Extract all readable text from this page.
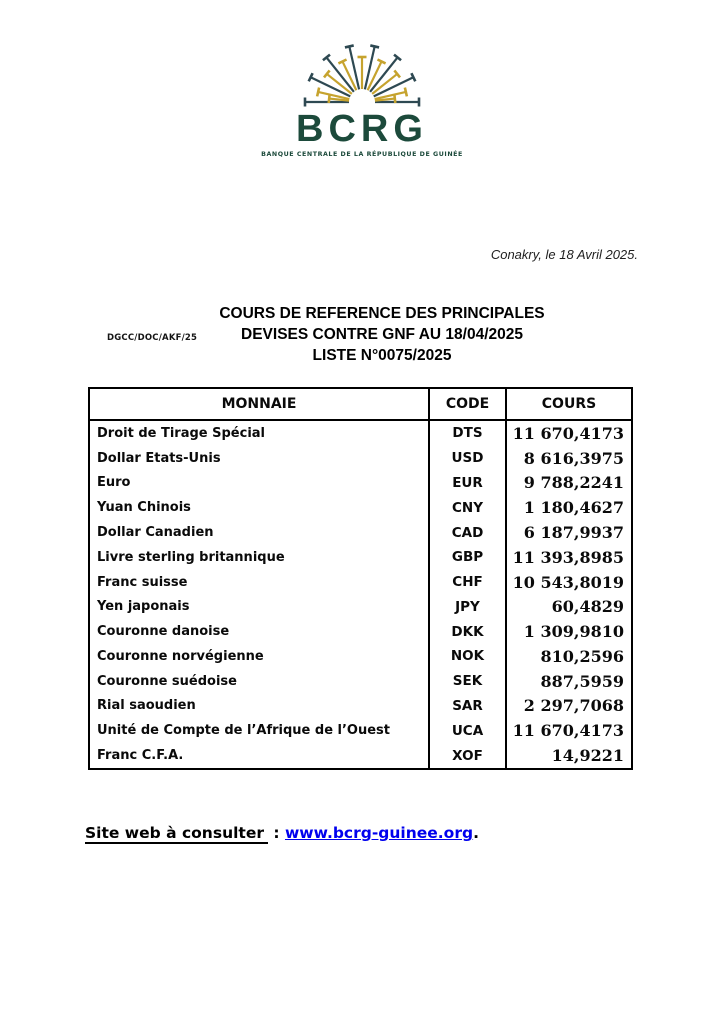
BCRG
BANQUE CENTRALE DE LA RÉPUBLIQUE DE GUINÉE
Conakry, le 18 Avril 2025.
DGCC/DOC/AKF/25
COURS DE REFERENCE DES PRINCIPALES
DEVISES CONTRE GNF AU 18/04/2025
LISTE N°0075/2025
MONNAIE	CODE	COURS
Droit de Tirage Spécial	DTS	11 670,4173
Dollar Etats-Unis	USD	8 616,3975
Euro	EUR	9 788,2241
Yuan Chinois	CNY	1 180,4627
Dollar Canadien	CAD	6 187,9937
Livre sterling britannique	GBP	11 393,8985
Franc suisse	CHF	10 543,8019
Yen japonais	JPY	60,4829
Couronne danoise	DKK	1 309,9810
Couronne norvégienne	NOK	810,2596
Couronne suédoise	SEK	887,5959
Rial saoudien	SAR	2 297,7068
Unité de Compte de l’Afrique de l’Ouest	UCA	11 670,4173
Franc C.F.A.	XOF	14,9221
Site web à consulter : www.bcrg-guinee.org.
